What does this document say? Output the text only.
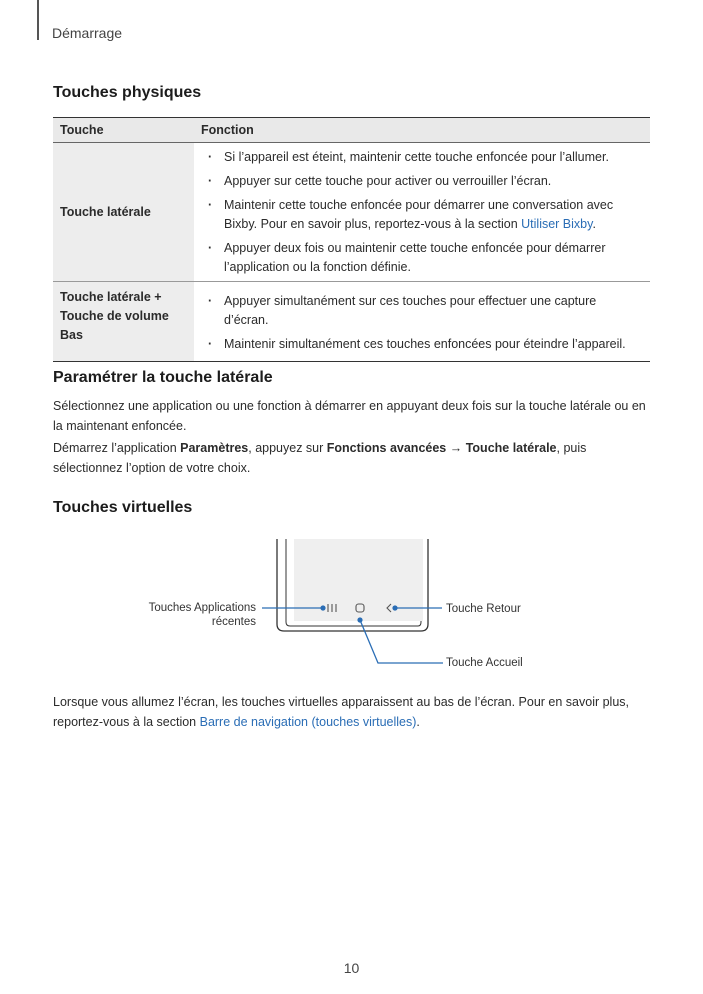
Démarrage
Touches physiques
Touche	Fonction
Touche latérale
· Si l’appareil est éteint, maintenir cette touche enfoncée pour l’allumer.
· Appuyer sur cette touche pour activer ou verrouiller l’écran.
· Maintenir cette touche enfoncée pour démarrer une conversation avec Bixby. Pour en savoir plus, reportez-vous à la section Utiliser Bixby.
· Appuyer deux fois ou maintenir cette touche enfoncée pour démarrer l’application ou la fonction définie.
Touche latérale + Touche de volume Bas
· Appuyer simultanément sur ces touches pour effectuer une capture d’écran.
· Maintenir simultanément ces touches enfoncées pour éteindre l’appareil.
Paramétrer la touche latérale

Sélectionnez une application ou une fonction à démarrer en appuyant deux fois sur la touche latérale ou en la maintenant enfoncée.

Démarrez l’application Paramètres, appuyez sur Fonctions avancées → Touche latérale, puis sélectionnez l’option de votre choix.

Touches virtuelles
Touches Applications récentes
Touche Retour
Touche Accueil

Lorsque vous allumez l’écran, les touches virtuelles apparaissent au bas de l’écran. Pour en savoir plus, reportez-vous à la section Barre de navigation (touches virtuelles).

10
